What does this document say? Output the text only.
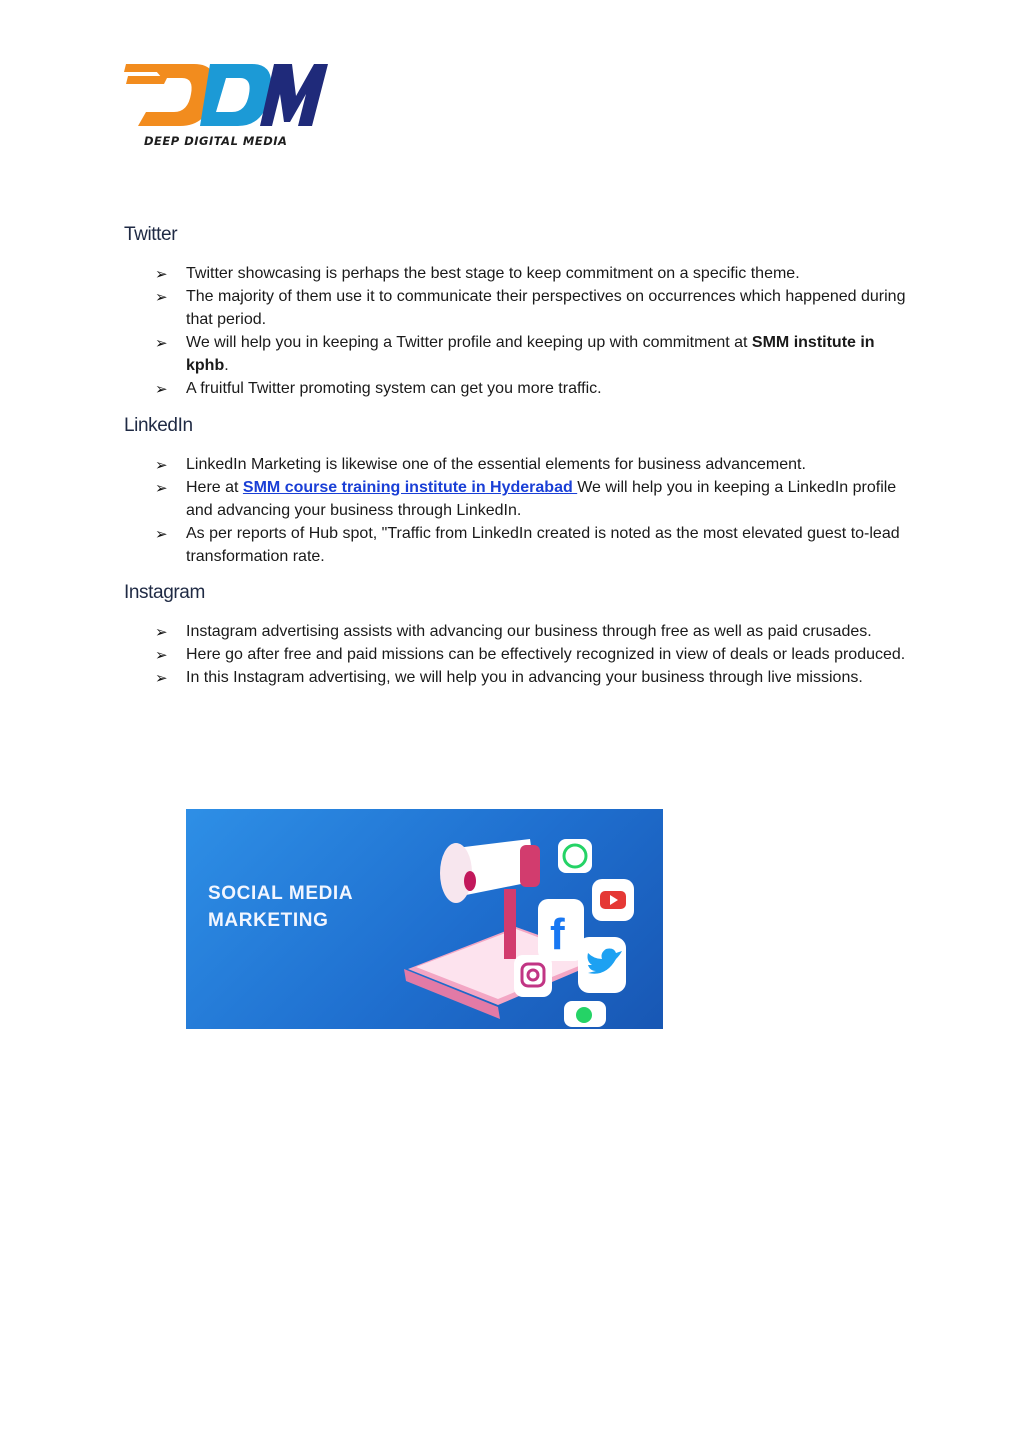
DEEP DIGITAL MEDIA
Twitter
➢ Twitter showcasing is perhaps the best stage to keep commitment on a specific theme.
➢ The majority of them use it to communicate their perspectives on occurrences which happened during that period.
➢ We will help you in keeping a Twitter profile and keeping up with commitment at SMM institute in kphb.
➢ A fruitful Twitter promoting system can get you more traffic.
LinkedIn
➢ LinkedIn Marketing is likewise one of the essential elements for business advancement.
➢ Here at SMM course training institute in Hyderabad We will help you in keeping a LinkedIn profile and advancing your business through LinkedIn.
➢ As per reports of Hub spot, "Traffic from LinkedIn created is noted as the most elevated guest to-lead transformation rate.
Instagram
➢ Instagram advertising assists with advancing our business through free as well as paid crusades.
➢ Here go after free and paid missions can be effectively recognized in view of deals or leads produced.
➢ In this Instagram advertising, we will help you in advancing your business through live missions.
SOCIAL MEDIA MARKETING	f
